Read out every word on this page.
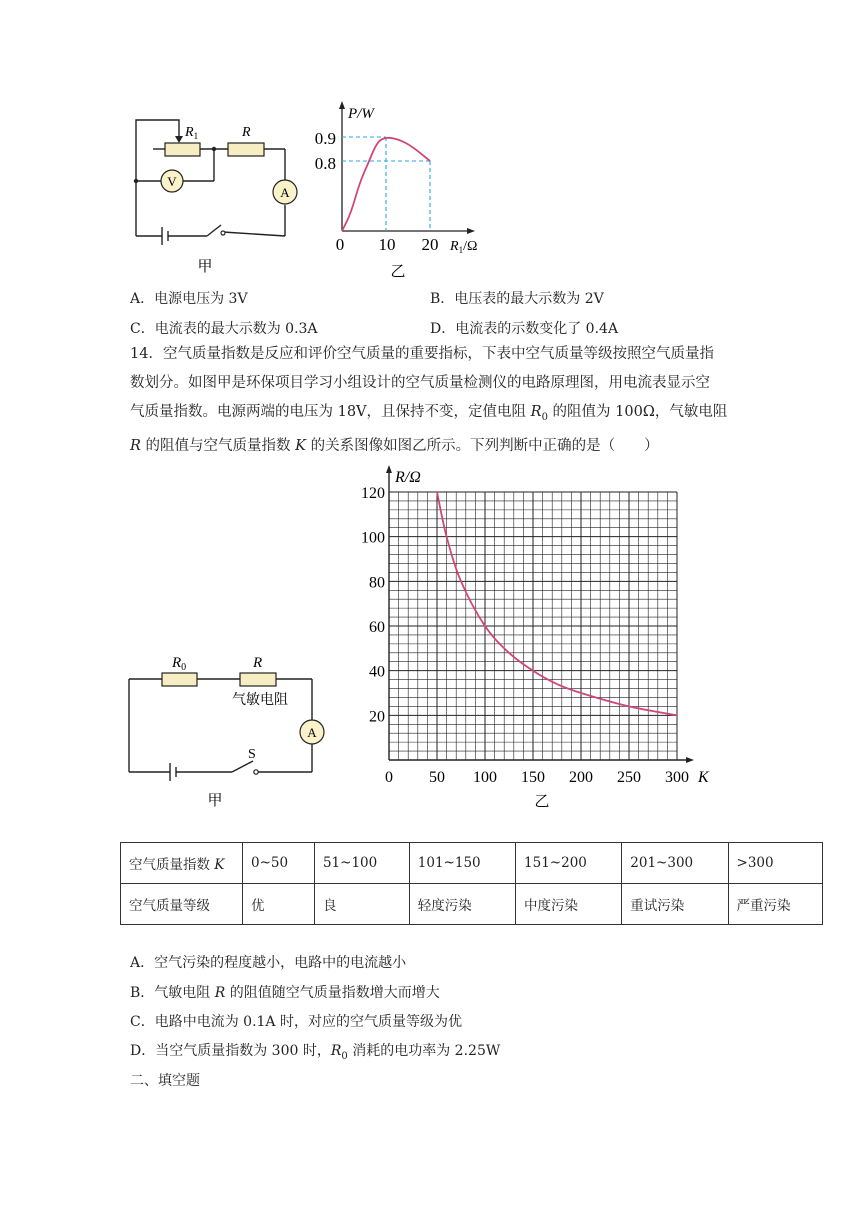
V
A
$R_1$	R
甲
P/W
0.9
0.8
0 10 20 $R_1/\Omega$
乙
A．电源电压为 3V	B．电压表的最大示数为 2V
C．电流表的最大示数为 0.3A	D．电流表的示数变化了 0.4A
14．空气质量指数是反应和评价空气质量的重要指标，下表中空气质量等级按照空气质量指
数划分。如图甲是环保项目学习小组设计的空气质量检测仪的电路原理图，用电流表显示空
气质量指数。电源两端的电压为 18V，且保持不变，定值电阻 $R_0$ 的阻值为 100Ω，气敏电阻
R 的阻值与空气质量指数 K 的关系图像如图乙所示。下列判断中正确的是（　　）
A
$R_0$	R
气敏电阻
S
甲
120
100
80
60
40
20
0 50 100 150 200 250 300
R/Ω
K
乙
空气质量指数 K	0~50	51~100	101~150	151~200	201~300	>300
空气质量等级	优	良	轻度污染	中度污染	重试污染	严重污染
A．空气污染的程度越小，电路中的电流越小
B．气敏电阻 R 的阻值随空气质量指数增大而增大
C．电路中电流为 0.1A 时，对应的空气质量等级为优
D．当空气质量指数为 300 时，$R_0$ 消耗的电功率为 2.25W
二、填空题
